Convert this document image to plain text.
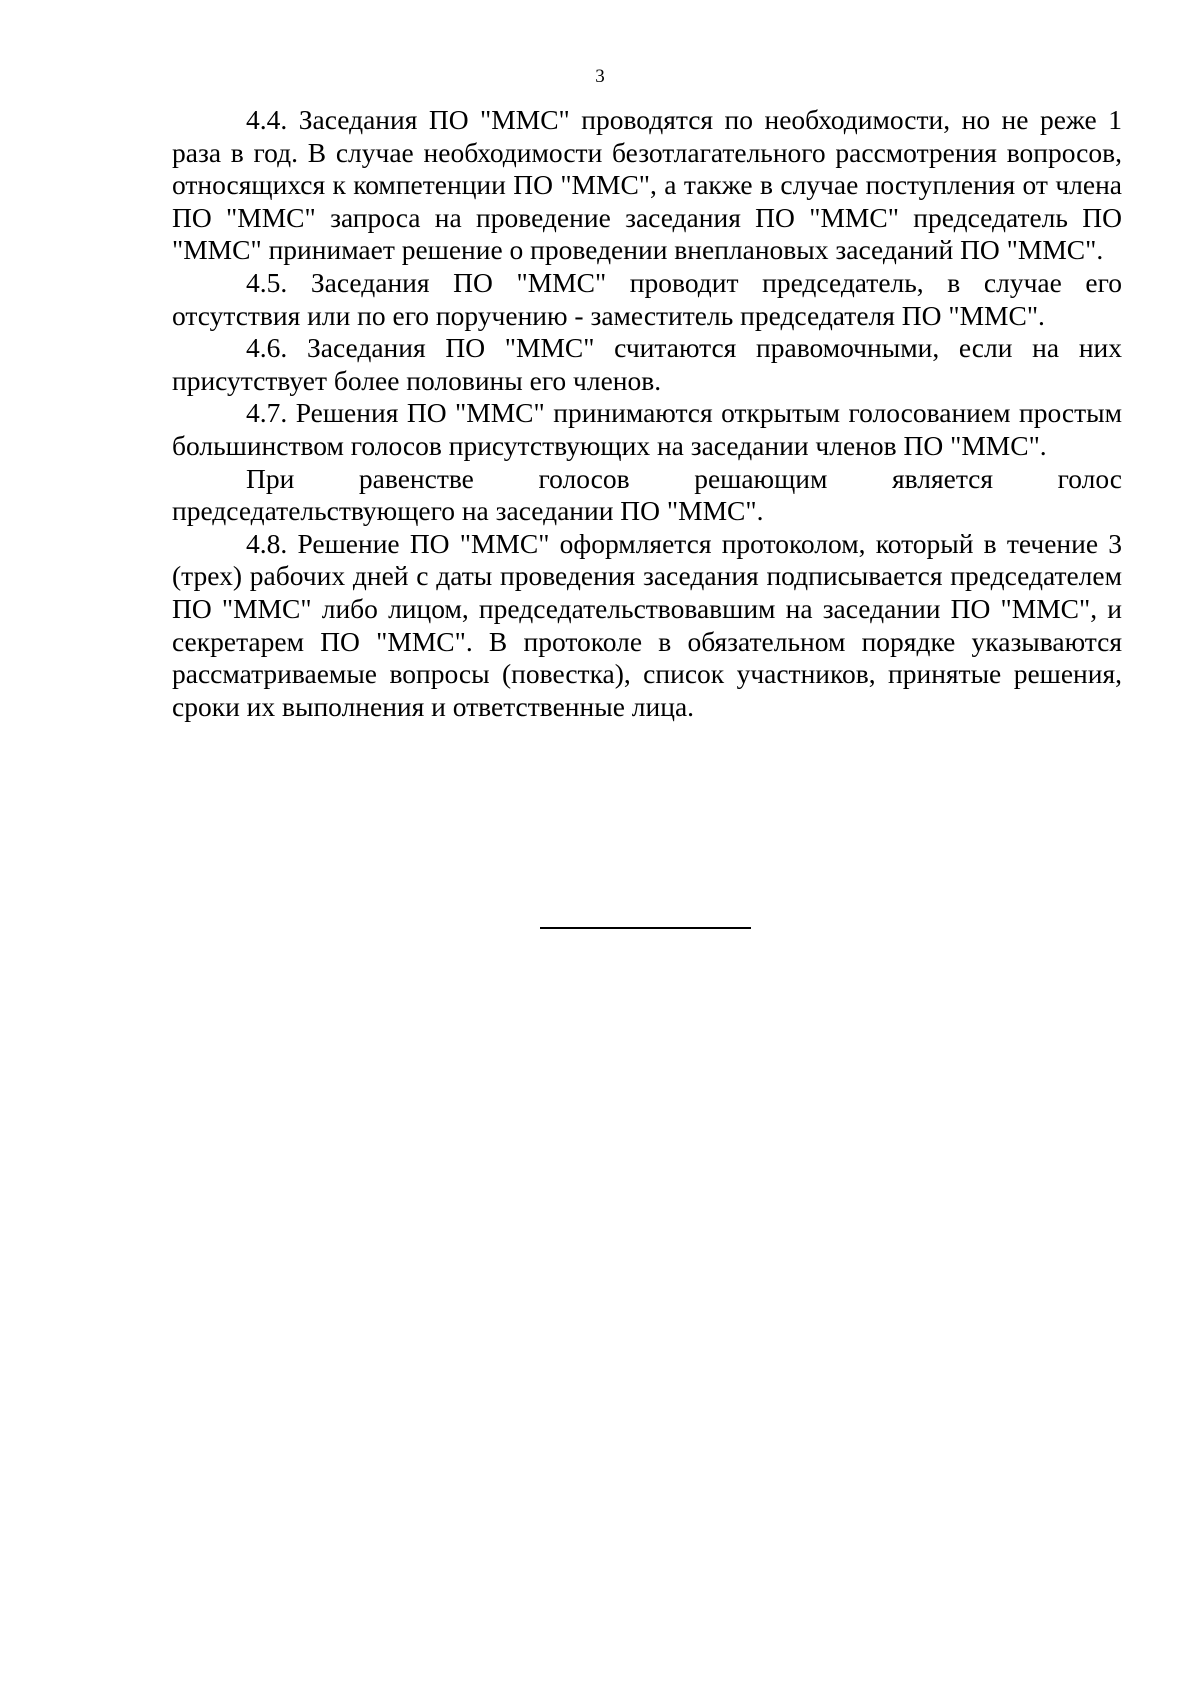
3

4.4. Заседания ПО "ММС" проводятся по необходимости, но не реже 1 раза в год. В случае необходимости безотлагательного рассмотрения вопросов, относящихся к компетенции ПО "ММС", а также в случае поступления от члена ПО "ММС" запроса на проведение заседания ПО "ММС" председатель ПО "ММС" принимает решение о проведении внеплановых заседаний ПО "ММС".

4.5. Заседания ПО "ММС" проводит председатель, в случае его отсутствия или по его поручению - заместитель председателя ПО "ММС".

4.6. Заседания ПО "ММС" считаются правомочными, если на них присутствует более половины его членов.

4.7. Решения ПО "ММС" принимаются открытым голосованием простым большинством голосов присутствующих на заседании членов ПО "ММС".

При равенстве голосов решающим является голос председательствующего на заседании ПО "ММС".

4.8. Решение ПО "ММС" оформляется протоколом, который в течение 3 (трех) рабочих дней с даты проведения заседания подписывается председателем ПО "ММС" либо лицом, председательствовавшим на заседании ПО "ММС", и секретарем ПО "ММС". В протоколе в обязательном порядке указываются рассматриваемые вопросы (повестка), список участников, принятые решения, сроки их выполнения и ответственные лица.
